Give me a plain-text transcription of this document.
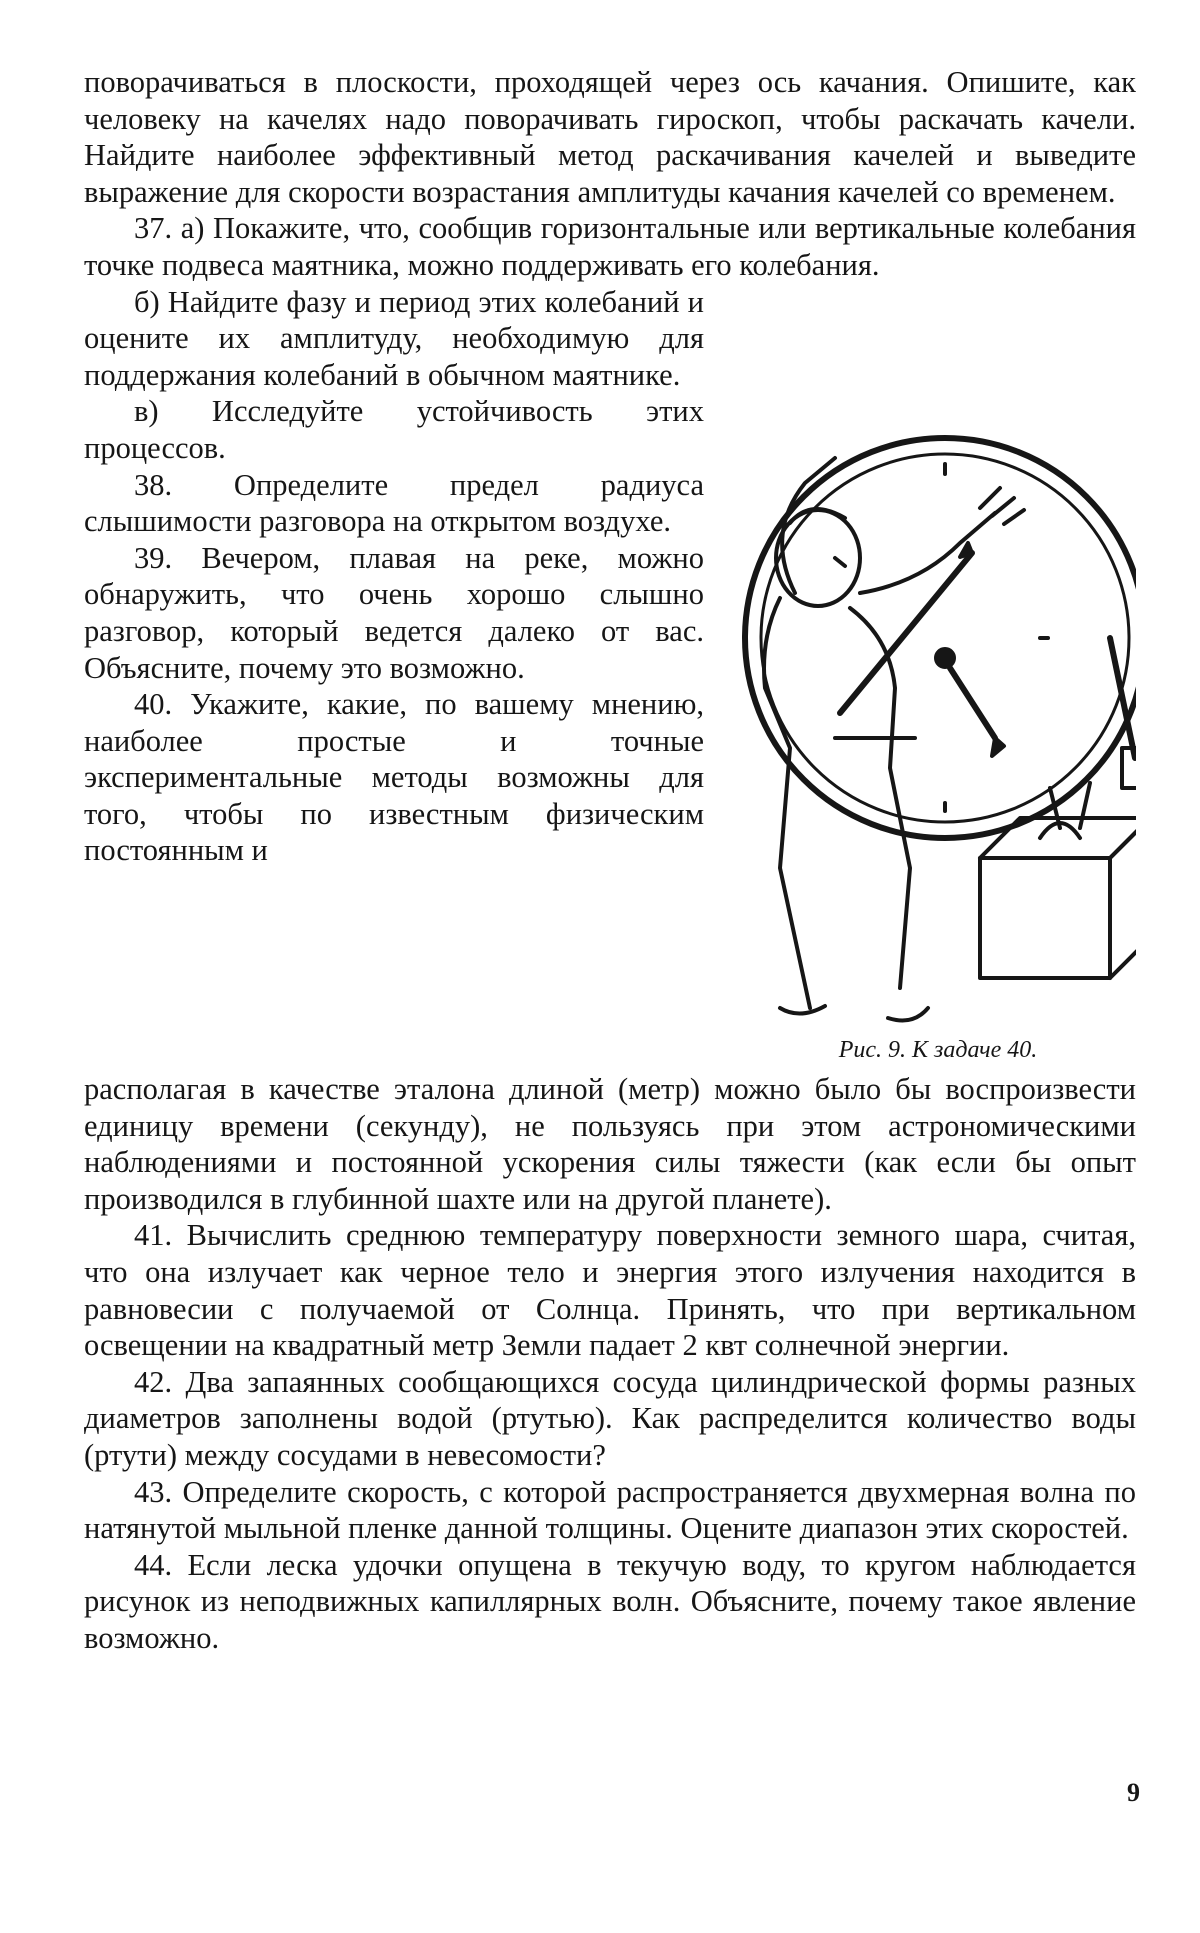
поворачиваться в плоскости, проходящей через ось качания. Опишите, как человеку на качелях надо поворачивать гироскоп, чтобы раскачать качели. Найдите наиболее эффективный метод раскачивания качелей и выведите выражение для скорости возрастания амплитуды качания качелей со временем.

37. а) Покажите, что, сообщив горизонтальные или вертикальные колебания точке подвеса маятника, можно поддерживать его колебания.

б) Найдите фазу и период этих колебаний и оцените их амплитуду, необходимую для поддержания колебаний в обычном маятнике.

в) Исследуйте устойчивость этих процессов.

38. Определите предел радиуса слышимости разговора на открытом воздухе.

39. Вечером, плавая на реке, можно обнаружить, что очень хорошо слышно разговор, который ведется далеко от вас. Объясните, почему это возможно.

40. Укажите, какие, по вашему мнению, наиболее простые и точные экспериментальные методы возможны для того, чтобы по известным физическим постоянным и

Рис. 9. К задаче 40.

располагая в качестве эталона длиной (метр) можно было бы воспроизвести единицу времени (секунду), не пользуясь при этом астрономическими наблюдениями и постоянной ускорения силы тяжести (как если бы опыт производился в глубинной шахте или на другой планете).

41. Вычислить среднюю температуру поверхности земного шара, считая, что она излучает как черное тело и энергия этого излучения находится в равновесии с получаемой от Солнца. Принять, что при вертикальном освещении на квадратный метр Земли падает 2 квт солнечной энергии.

42. Два запаянных сообщающихся сосуда цилиндрической формы разных диаметров заполнены водой (ртутью). Как распределится количество воды (ртути) между сосудами в невесомости?

43. Определите скорость, с которой распространяется двухмерная волна по натянутой мыльной пленке данной толщины. Оцените диапазон этих скоростей.

44. Если леска удочки опущена в текучую воду, то кругом наблюдается рисунок из неподвижных капиллярных волн. Объясните, почему такое явление возможно.

9
